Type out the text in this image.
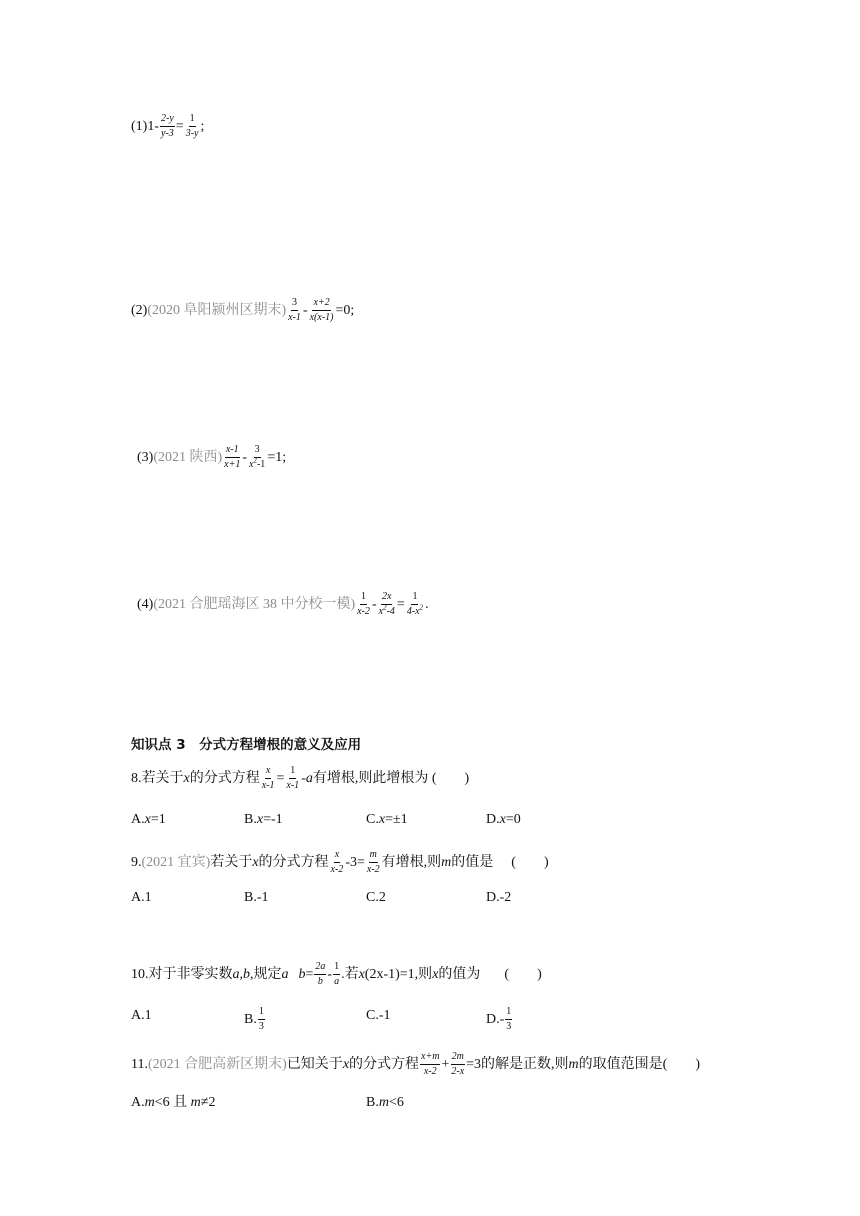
(1) $1- \frac{2-y}{y-3} = \frac{1}{3-y}$ ;
(2) (2020 阜阳颍州区期末) $\frac{3}{x-1} - \frac{x+2}{x(x-1)} =0$;
(3) (2021 陕西) $\frac{x-1}{x+1} - \frac{3}{x^2-1} =1$;
(4) (2021 合肥瑶海区 38 中分校一模) $\frac{1}{x-2} - \frac{2x}{x^2-4} = \frac{1}{4-x^2}$ .
知识点 3　分式方程增根的意义及应用
8. 若关于 x 的分式方程 $\frac{x}{x-1} = \frac{1}{x-1} - a$ 有增根,则此增根为 (　　)
A. x =1	B. x =-1	C. x =±1	D. x =0
9. (2021 宜宾) 若关于 x 的分式方程 $\frac{x}{x-2} -3= \frac{m}{x-2}$ 有增根,则 m 的值是 (　　)
A. 1	B. -1	C. 2	D. -2
10. 对于非零实数 a,b ,规定 a $b = \frac{2a}{b} - \frac{1}{a}$ .若 x (2x-1)=1,则 x 的值为 (　　)
A. 1	B. $\frac{1}{3}$	C. -1	$D.- \frac{1}{3}$
11. (2021 合肥高新区期末) 已知关于 x 的分式方程 $\frac{x+m}{x-2} + \frac{2m}{2-x} =3$的解是正数,则 m 的取值范围是(　　)
A. m <6 且 m ≠2	B. m <6
